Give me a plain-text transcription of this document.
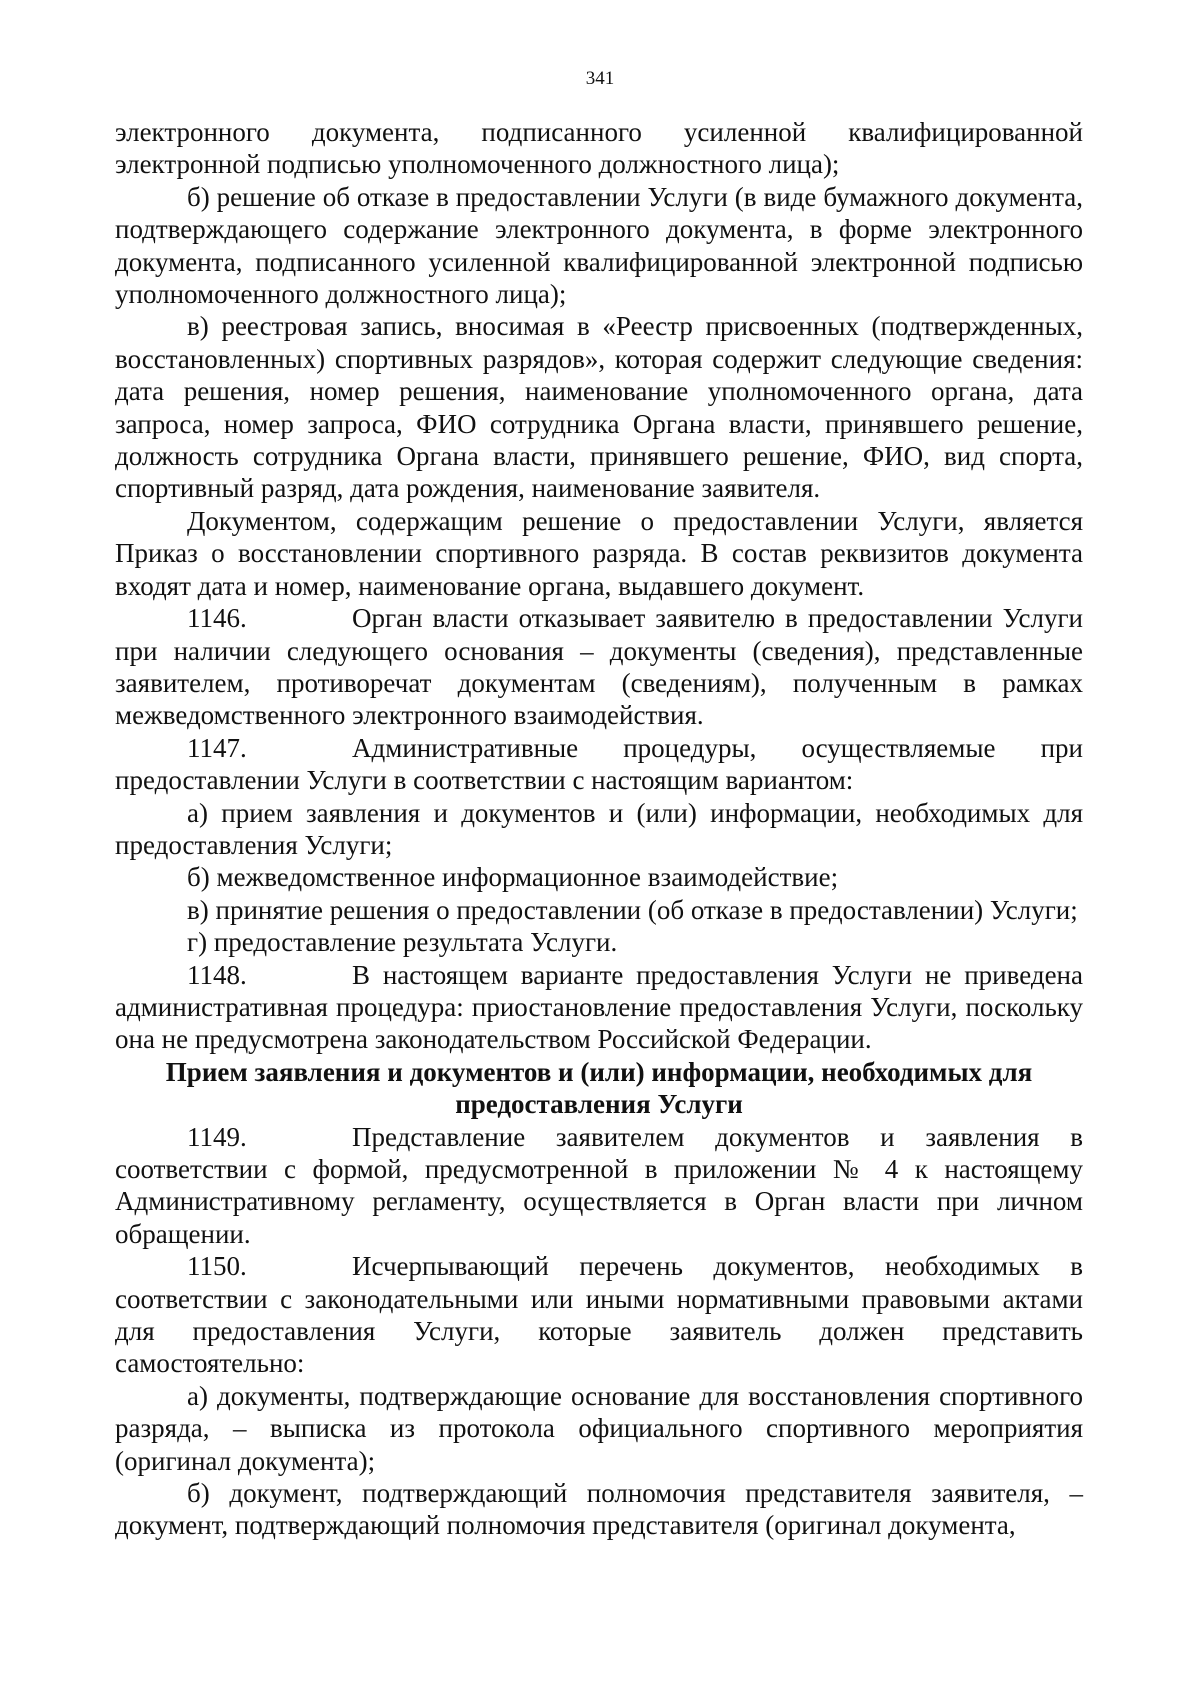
341

электронного документа, подписанного усиленной квалифицированной электронной подписью уполномоченного должностного лица);

б) решение об отказе в предоставлении Услуги (в виде бумажного документа, подтверждающего содержание электронного документа, в форме электронного документа, подписанного усиленной квалифицированной электронной подписью уполномоченного должностного лица);

в) реестровая запись, вносимая в «Реестр присвоенных (подтвержденных, восстановленных) спортивных разрядов», которая содержит следующие сведения: дата решения, номер решения, наименование уполномоченного органа, дата запроса, номер запроса, ФИО сотрудника Органа власти, принявшего решение, должность сотрудника Органа власти, принявшего решение, ФИО, вид спорта, спортивный разряд, дата рождения, наименование заявителя.

Документом, содержащим решение о предоставлении Услуги, является Приказ о восстановлении спортивного разряда. В состав реквизитов документа входят дата и номер, наименование органа, выдавшего документ.

1146.	Орган власти отказывает заявителю в предоставлении Услуги при наличии следующего основания – документы (сведения), представленные заявителем, противоречат документам (сведениям), полученным в рамках межведомственного электронного взаимодействия.

1147.	Административные процедуры, осуществляемые при предоставлении Услуги в соответствии с настоящим вариантом:

а) прием заявления и документов и (или) информации, необходимых для предоставления Услуги;

б) межведомственное информационное взаимодействие;

в) принятие решения о предоставлении (об отказе в предоставлении) Услуги;

г) предоставление результата Услуги.

1148.	В настоящем варианте предоставления Услуги не приведена административная процедура: приостановление предоставления Услуги, поскольку она не предусмотрена законодательством Российской Федерации.

Прием заявления и документов и (или) информации, необходимых для предоставления Услуги

1149.	Представление заявителем документов и заявления в соответствии с формой, предусмотренной в приложении № 4 к настоящему Административному регламенту, осуществляется в Орган власти при личном обращении.

1150.	Исчерпывающий перечень документов, необходимых в соответствии с законодательными или иными нормативными правовыми актами для предоставления Услуги, которые заявитель должен представить самостоятельно:

а) документы, подтверждающие основание для восстановления спортивного разряда, – выписка из протокола официального спортивного мероприятия (оригинал документа);

б) документ, подтверждающий полномочия представителя заявителя, – документ, подтверждающий полномочия представителя (оригинал документа,
